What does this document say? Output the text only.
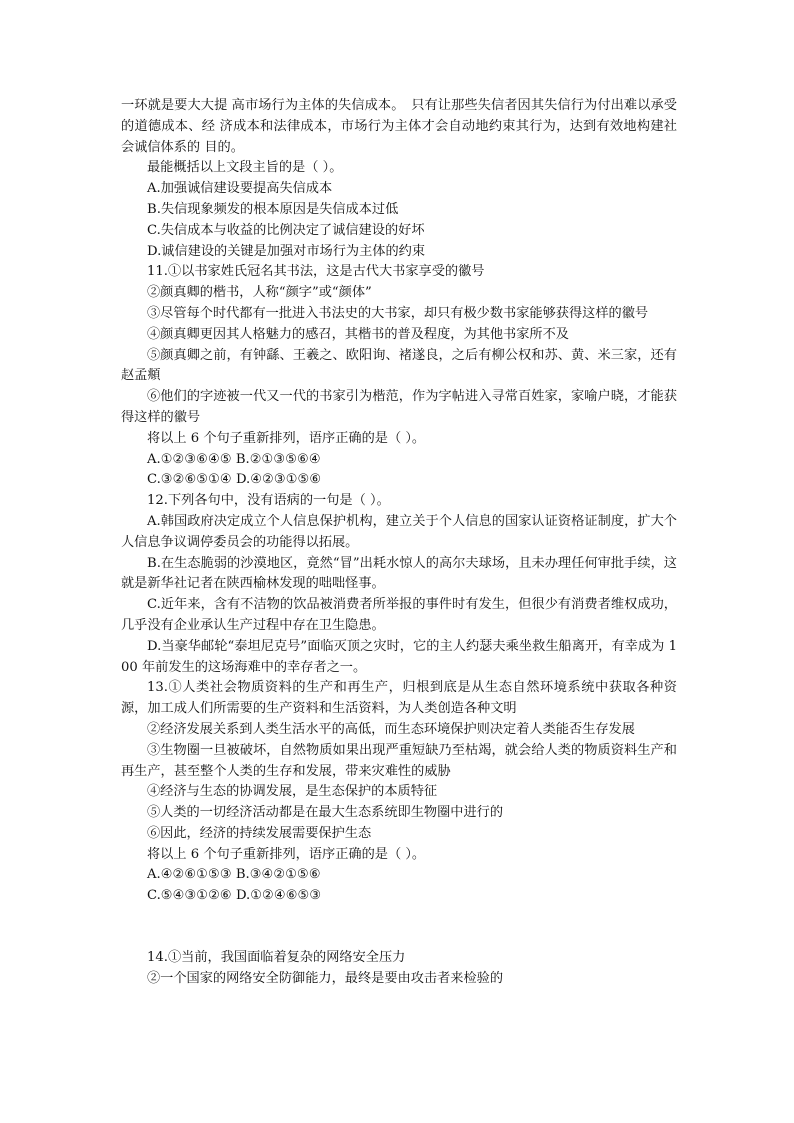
一环就是要大大提 高市场行为主体的失信成本。　只有让那些失信者因其失信行为付出难以承受的道德成本、经 济成本和法律成本，市场行为主体才会自动地约束其行为，达到有效地构建社会诚信体系的 目的。

最能概括以上文段主旨的是（ ）。

A.加强诚信建设要提高失信成本

B.失信现象频发的根本原因是失信成本过低

C.失信成本与收益的比例决定了诚信建设的好坏

D.诚信建设的关键是加强对市场行为主体的约束

11.①以书家姓氏冠名其书法，这是古代大书家享受的徽号

②颜真卿的楷书，人称“颜字”或“颜体”

③尽管每个时代都有一批进入书法史的大书家，却只有极少数书家能够获得这样的徽号

④颜真卿更因其人格魅力的感召，其楷书的普及程度，为其他书家所不及

⑤颜真卿之前，有钟繇、王羲之、欧阳询、褚遂良，之后有柳公权和苏、黄、米三家，还有赵孟頫

⑥他们的字迹被一代又一代的书家引为楷范，作为字帖进入寻常百姓家，家喻户晓，才能获得这样的徽号

将以上 6 个句子重新排列，语序正确的是（ ）。

A.①②③⑥④⑤ B.②①③⑤⑥④

C.③②⑥⑤①④ D.④②③①⑤⑥

12.下列各句中，没有语病的一句是（ ）。

A.韩国政府决定成立个人信息保护机构，建立关于个人信息的国家认证资格证制度，扩大个人信息争议调停委员会的功能得以拓展。

B.在生态脆弱的沙漠地区，竟然“冒”出耗水惊人的高尔夫球场，且未办理任何审批手续，这就是新华社记者在陕西榆林发现的咄咄怪事。

C.近年来，含有不洁物的饮品被消费者所举报的事件时有发生，但很少有消费者维权成功，几乎没有企业承认生产过程中存在卫生隐患。

D.当豪华邮轮“泰坦尼克号”面临灭顶之灾时，它的主人约瑟夫乘坐救生船离开，有幸成为 100 年前发生的这场海难中的幸存者之一。

13.①人类社会物质资料的生产和再生产，归根到底是从生态自然环境系统中获取各种资源，加工成人们所需要的生产资料和生活资料，为人类创造各种文明

②经济发展关系到人类生活水平的高低，而生态环境保护则决定着人类能否生存发展

③生物圈一旦被破坏，自然物质如果出现严重短缺乃至枯竭，就会给人类的物质资料生产和再生产，甚至整个人类的生存和发展，带来灾难性的威胁

④经济与生态的协调发展，是生态保护的本质特征

⑤人类的一切经济活动都是在最大生态系统即生物圈中进行的

⑥因此，经济的持续发展需要保护生态

将以上 6 个句子重新排列，语序正确的是（ ）。

A.④②⑥①⑤③ B.③④②①⑤⑥

C.⑤④③①②⑥ D.①②④⑥⑤③

14.①当前，我国面临着复杂的网络安全压力

②一个国家的网络安全防御能力，最终是要由攻击者来检验的
